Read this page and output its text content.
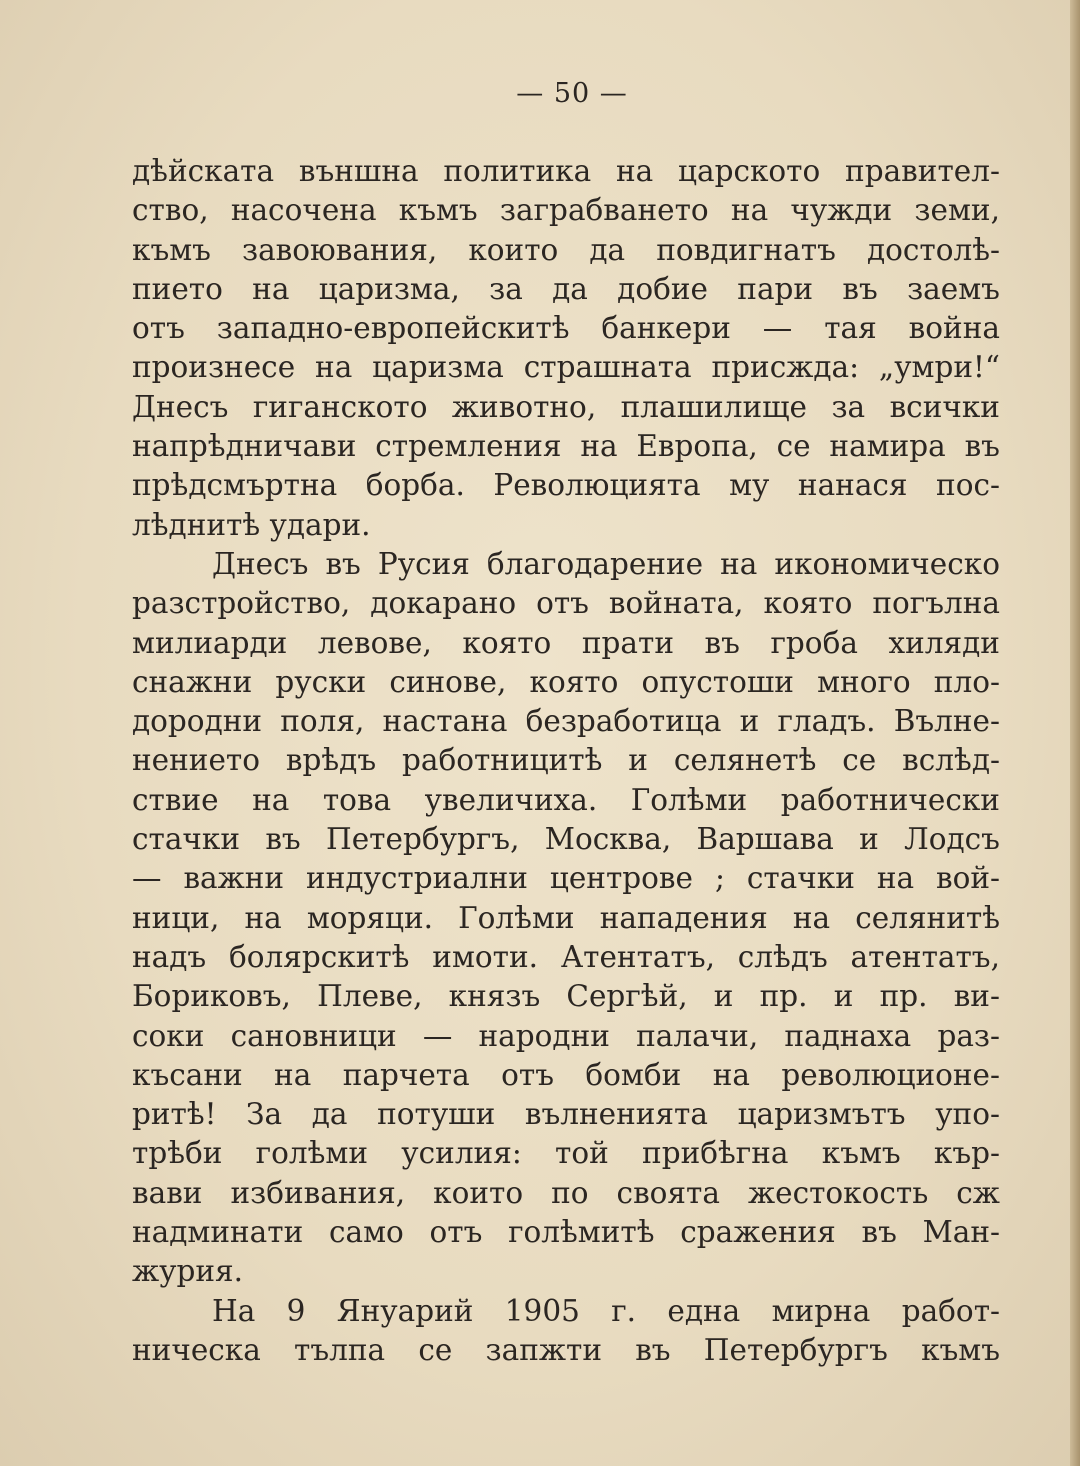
— 50 —
дѣйската външна политика на царското правител-
ство, насочена къмъ заграбването на чужди земи,
къмъ завоювания, които да повдигнатъ достолѣ-
пието на царизма, за да добие пари въ заемъ
отъ западно-европейскитѣ банкери — тая война
произнесе на царизма страшната присжда: „умри!“
Днесъ гиганското животно, плашилище за всички
напрѣдничави стремления на Европа, се намира въ
прѣдсмъртна борба. Революцията му нанася пос-
лѣднитѣ удари.
Днесъ въ Русия благодарение на икономическо
разстройство, докарано отъ войната, която погълна
милиарди левове, която прати въ гроба хиляди
снажни руски синове, която опустоши много пло-
дородни поля, настана безработица и гладъ. Вълнe-
нението врѣдъ работницитѣ и селянетѣ се вслѣд-
ствие на това увеличиха. Голѣми работнически
стачки въ Петербургъ, Москва, Варшава и Лодсъ
— важни индустриални центрове ; стачки на вой-
ници, на моряци. Голѣми нападения на селянитѣ
надъ болярскитѣ имоти. Атентатъ, слѣдъ атентатъ,
Бориковъ, Плеве, князъ Сергѣй, и пр. и пр. ви-
соки сановници — народни палачи, паднаха раз-
късани на парчета отъ бомби на революционе-
ритѣ! За да потуши вълненията царизмътъ упо-
трѣби голѣми усилия: той прибѣгна къмъ кър-
вави избивания, които по своята жестокость сж
надминати само отъ голѣмитѣ сражения въ Ман-
журия.
На 9 Януарий 1905 г. една мирна работ-
ническа тълпа се запжти въ Петербургъ къмъ
